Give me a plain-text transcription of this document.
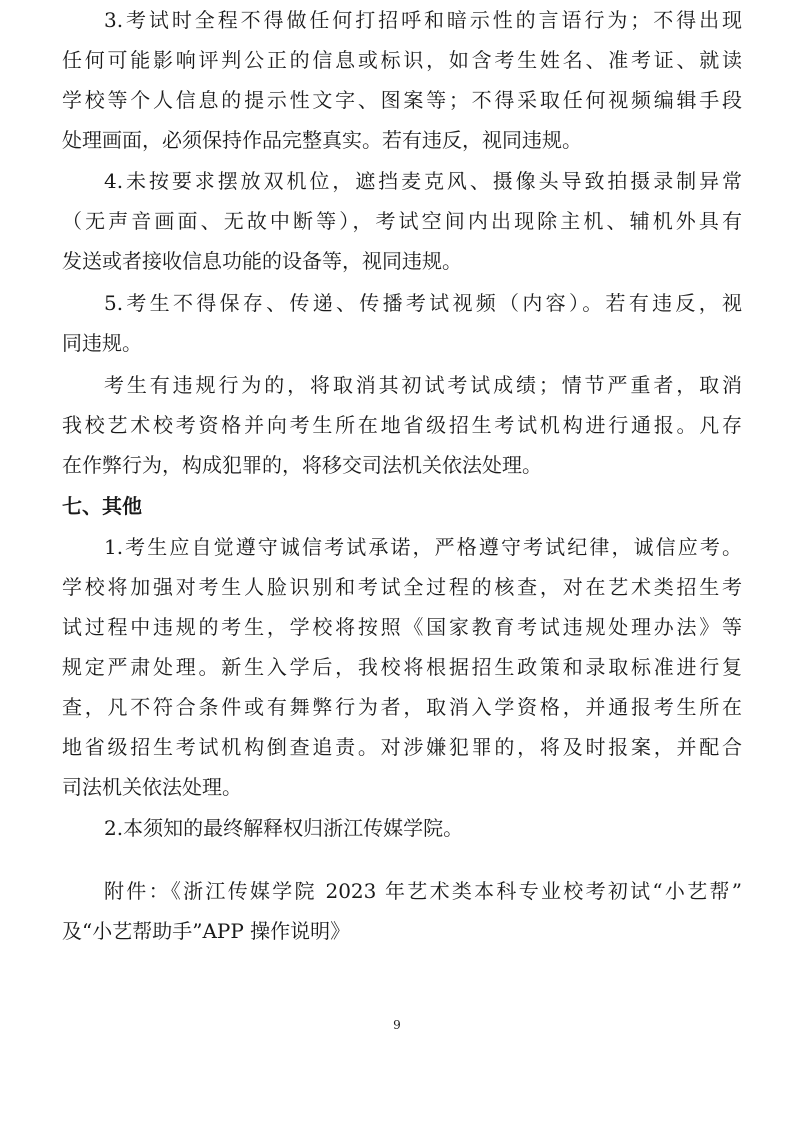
3.考试时全程不得做任何打招呼和暗示性的言语行为；不得出现
任何可能影响评判公正的信息或标识，如含考生姓名、准考证、就读
学校等个人信息的提示性文字、图案等；不得采取任何视频编辑手段
处理画面，必须保持作品完整真实。若有违反，视同违规。
4.未按要求摆放双机位，遮挡麦克风、摄像头导致拍摄录制异常
（无声音画面、无故中断等），考试空间内出现除主机、辅机外具有
发送或者接收信息功能的设备等，视同违规。
5.考生不得保存、传递、传播考试视频（内容）。若有违反，视
同违规。
考生有违规行为的，将取消其初试考试成绩；情节严重者，取消
我校艺术校考资格并向考生所在地省级招生考试机构进行通报。凡存
在作弊行为，构成犯罪的，将移交司法机关依法处理。
七、其他
1.考生应自觉遵守诚信考试承诺，严格遵守考试纪律，诚信应考。
学校将加强对考生人脸识别和考试全过程的核查，对在艺术类招生考
试过程中违规的考生，学校将按照《国家教育考试违规处理办法》等
规定严肃处理。新生入学后，我校将根据招生政策和录取标准进行复
查，凡不符合条件或有舞弊行为者，取消入学资格，并通报考生所在
地省级招生考试机构倒查追责。对涉嫌犯罪的，将及时报案，并配合
司法机关依法处理。
2.本须知的最终解释权归浙江传媒学院。
附件：《浙江传媒学院 2023 年艺术类本科专业校考初试“小艺帮”
及“小艺帮助手”APP 操作说明》
9
